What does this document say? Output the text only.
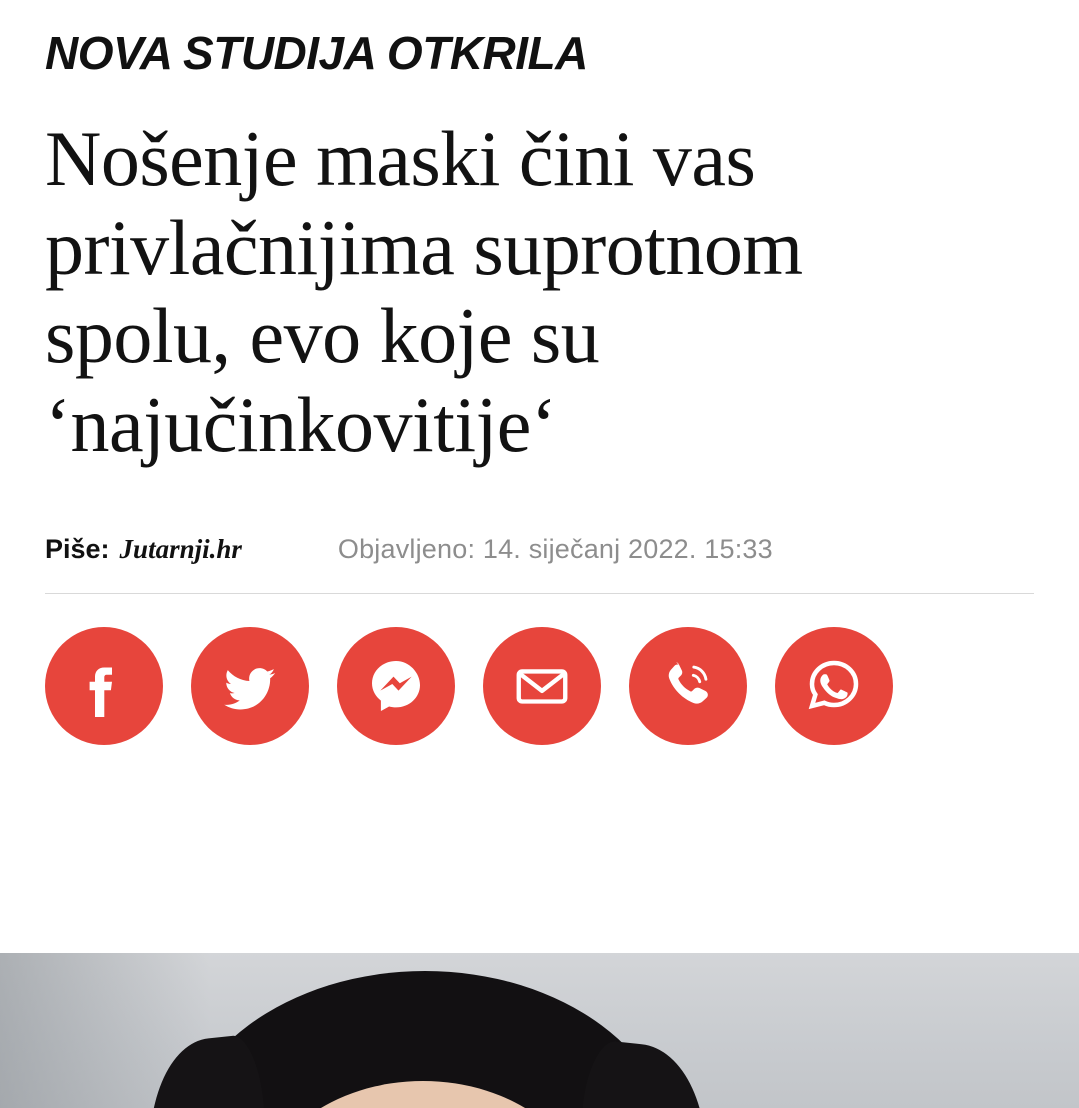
NOVA STUDIJA OTKRILA
Nošenje maski čini vas privlačnijima suprotnom spolu, evo koje su ‘najučinkovitije‘
Piše: Jutarnji.hr	Objavljeno: 14. siječanj 2022. 15:33
